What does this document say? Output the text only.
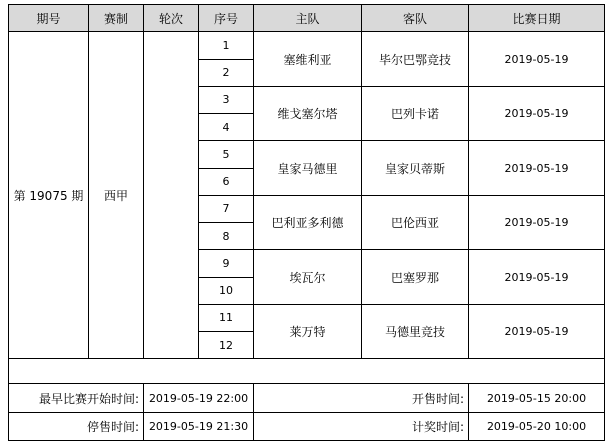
期号	赛制	轮次	序号	主队	客队	比赛日期
第 19075 期	西甲		1	塞维利亚	毕尔巴鄂竞技	2019-05-19
			2			
			3	维戈塞尔塔	巴列卡诺	2019-05-19
			4			
			5	皇家马德里	皇家贝蒂斯	2019-05-19
			6			
			7	巴利亚多利德	巴伦西亚	2019-05-19
			8			
			9	埃瓦尔	巴塞罗那	2019-05-19
			10			
			11	莱万特	马德里竞技	2019-05-19
			12			

最早比赛开始时间:		2019-05-19 22:00		开售时间:		2019-05-15 20:00
停售时间:		2019-05-19 21:30		计奖时间:		2019-05-20 10:00
